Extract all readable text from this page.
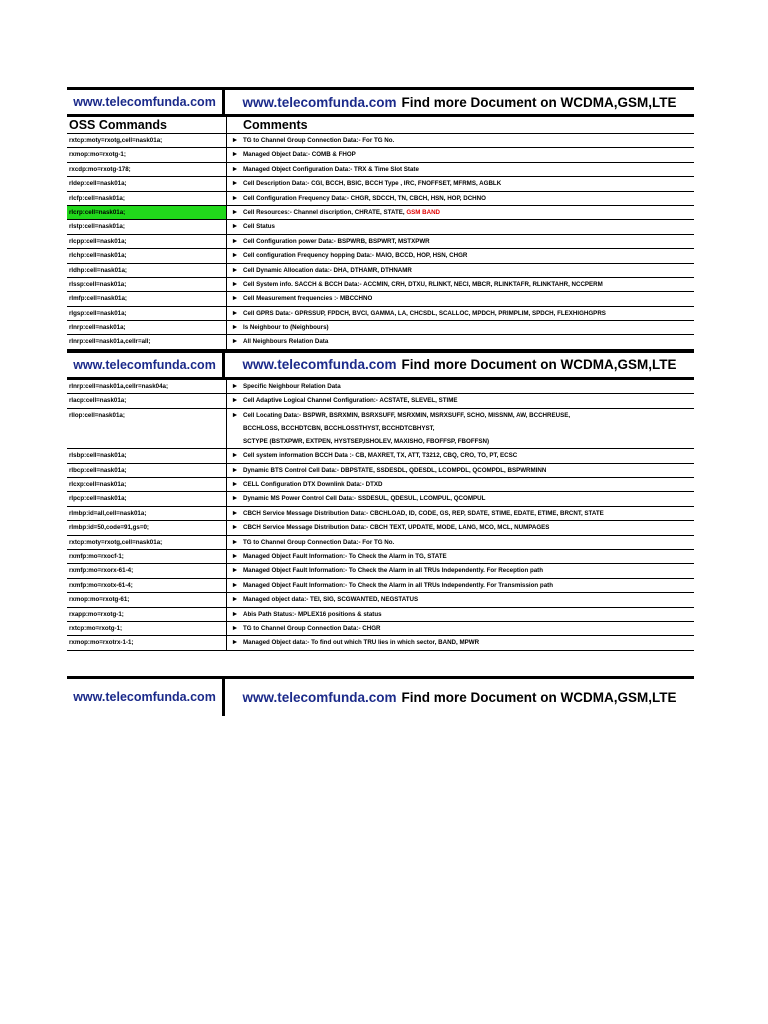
www.telecomfunda.com	www.telecomfunda.com Find more Document on WCDMA,GSM,LTE
OSS Commands	Comments
rxtcp:moty=rxotg,cell=nask01a;	► TG to Channel Group Connection Data:- For TG No.
rxmop:mo=rxotg-1;	► Managed Object Data:- COMB & FHOP
rxcdp:mo=rxotg-178;	► Managed Object Configuration Data:- TRX & Time Slot State
rldep:cell=nask01a;	► Cell Description Data:- CGI, BCCH, BSIC, BCCH Type , IRC, FNOFFSET, MFRMS, AGBLK
rlcfp:cell=nask01a;	► Cell Configuration Frequency Data:- CHGR, SDCCH, TN, CBCH, HSN, HOP, DCHNO
rlcrp:cell=nask01a;	► Cell Resources:- Channel discription, CHRATE, STATE, GSM BAND
rlstp:cell=nask01a;	► Cell Status
rlcpp:cell=nask01a;	► Cell Configuration power Data:- BSPWRB, BSPWRT, MSTXPWR
rlchp:cell=nask01a;	► Cell configuration Frequency hopping Data:- MAIO, BCCD, HOP, HSN, CHGR
rldhp:cell=nask01a;	► Cell Dynamic Allocation data:- DHA, DTHAMR, DTHNAMR
rlssp:cell=nask01a;	► Cell System info. SACCH & BCCH Data:- ACCMIN, CRH, DTXU, RLINKT, NECI, MBCR, RLINKTAFR, RLINKTAHR, NCCPERM
rlmfp:cell=nask01a;	► Cell Measurement frequencies :- MBCCHNO
rlgsp:cell=nask01a;	► Cell GPRS Data:- GPRSSUP, FPDCH, BVCI, GAMMA, LA, CHCSDL, SCALLOC, MPDCH, PRIMPLIM, SPDCH, FLEXHIGHGPRS
rlnrp:cell=nask01a;	► Is Neighbour to (Neighbours)
rlnrp:cell=nask01a,cellr=all;	► All Neighbours Relation Data
www.telecomfunda.com	www.telecomfunda.com Find more Document on WCDMA,GSM,LTE
rlnrp:cell=nask01a,cellr=nask04a;	► Specific Neighbour Relation Data
rlacp:cell=nask01a;	► Cell Adaptive Logical Channel Configuration:- ACSTATE, SLEVEL, STIME
rllop:cell=nask01a;	► Cell Locating Data:- BSPWR, BSRXMIN, BSRXSUFF, MSRXMIN, MSRXSUFF, SCHO, MISSNM, AW, BCCHREUSE,
BCCHLOSS, BCCHDTCBN, BCCHLOSSTHYST, BCCHDTCBHYST,
SCTYPE (BSTXPWR, EXTPEN, HYSTSEP,ISHOLEV, MAXISHO, FBOFFSP, FBOFFSN)
rlsbp:cell=nask01a;	► Cell system information BCCH Data :- CB, MAXRET, TX, ATT, T3212, CBQ, CRO, TO, PT, ECSC
rlbcp:cell=nask01a;	► Dynamic BTS Control Cell Data:- DBPSTATE, SSDESDL, QDESDL, LCOMPDL, QCOMPDL, BSPWRMINN
rlcxp:cell=nask01a;	► CELL Configuration DTX Downlink Data:- DTXD
rlpcp:cell=nask01a;	► Dynamic MS Power Control Cell Data:- SSDESUL, QDESUL, LCOMPUL, QCOMPUL
rlmbp:id=all,cell=nask01a;	► CBCH Service Message Distribution Data:- CBCHLOAD, ID, CODE, GS, REP, SDATE, STIME, EDATE, ETIME, BRCNT, STATE
rlmbp:id=50,code=91,gs=0;	► CBCH Service Message Distribution Data:- CBCH TEXT, UPDATE, MODE, LANG, MCO, MCL, NUMPAGES
rxtcp:moty=rxotg,cell=nask01a;	► TG to Channel Group Connection Data:- For TG No.
rxmfp:mo=rxocf-1;	► Managed Object Fault Information:- To Check the Alarm in TG, STATE
rxmfp:mo=rxorx-61-4;	► Managed Object Fault Information:- To Check the Alarm in all TRUs Independently. For Reception path
rxmfp:mo=rxotx-61-4;	► Managed Object Fault Information:- To Check the Alarm in all TRUs Independently. For Transmission path
rxmop:mo=rxotg-61;	► Managed object data:- TEI, SIG, SCGWANTED, NEGSTATUS
rxapp:mo=rxotg-1;	► Abis Path Status:- MPLEX16 positions & status
rxtcp:mo=rxotg-1;	► TG to Channel Group Connection Data:- CHGR
rxmop:mo=rxotrx-1-1;	► Managed Object data:- To find out which TRU lies in which sector, BAND, MPWR
www.telecomfunda.com	www.telecomfunda.com Find more Document on WCDMA,GSM,LTE
